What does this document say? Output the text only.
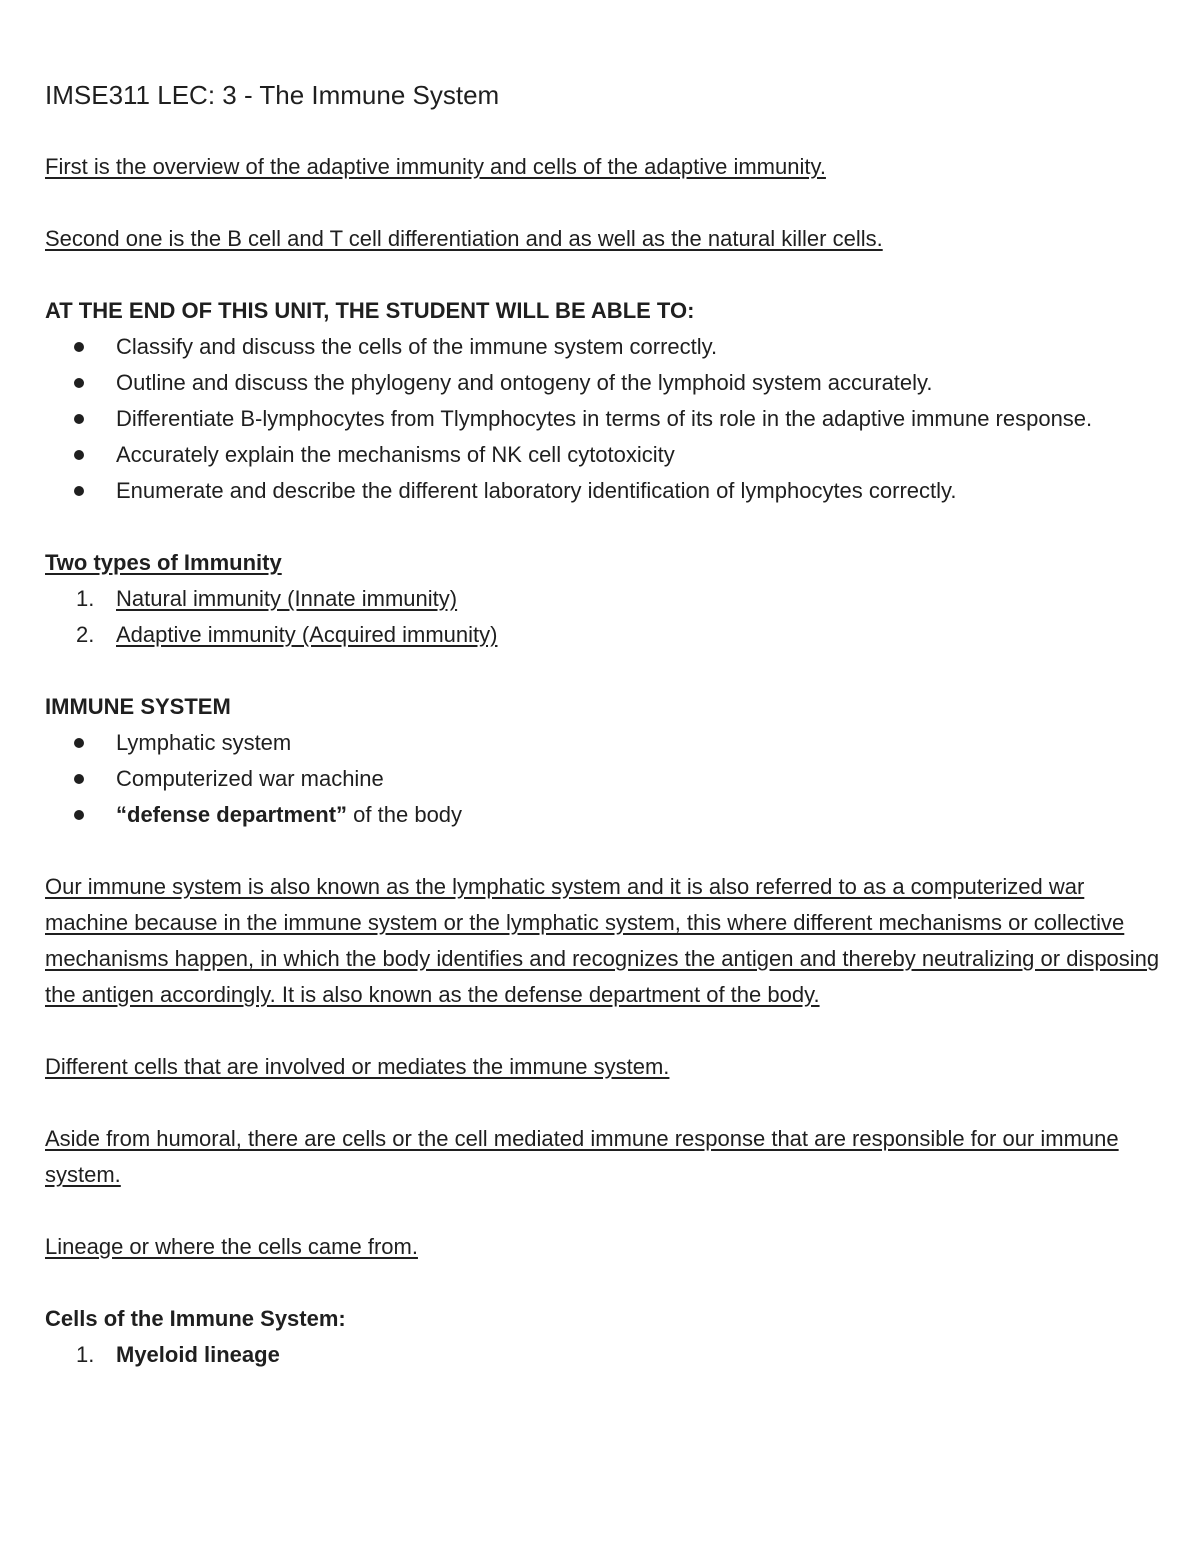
IMSE311 LEC: 3 - The Immune System

First is the overview of the adaptive immunity and cells of the adaptive immunity.

Second one is the B cell and T cell differentiation and as well as the natural killer cells.

AT THE END OF THIS UNIT, THE STUDENT WILL BE ABLE TO:
Classify and discuss the cells of the immune system correctly.
Outline and discuss the phylogeny and ontogeny of the lymphoid system accurately.
Differentiate B-lymphocytes from Tlymphocytes in terms of its role in the adaptive immune response.
Accurately explain the mechanisms of NK cell cytotoxicity
Enumerate and describe the different laboratory identification of lymphocytes correctly.
Two types of Immunity
1. Natural immunity (Innate immunity)
2. Adaptive immunity (Acquired immunity)
IMMUNE SYSTEM
Lymphatic system
Computerized war machine
“defense department” of the body

Our immune system is also known as the lymphatic system and it is also referred to as a computerized war machine because in the immune system or the lymphatic system, this where different mechanisms or collective mechanisms happen, in which the body identifies and recognizes the antigen and thereby neutralizing or disposing the antigen accordingly. It is also known as the defense department of the body.

Different cells that are involved or mediates the immune system.

Aside from humoral, there are cells or the cell mediated immune response that are responsible for our immune system.

Lineage or where the cells came from.

Cells of the Immune System:
1. Myeloid lineage
